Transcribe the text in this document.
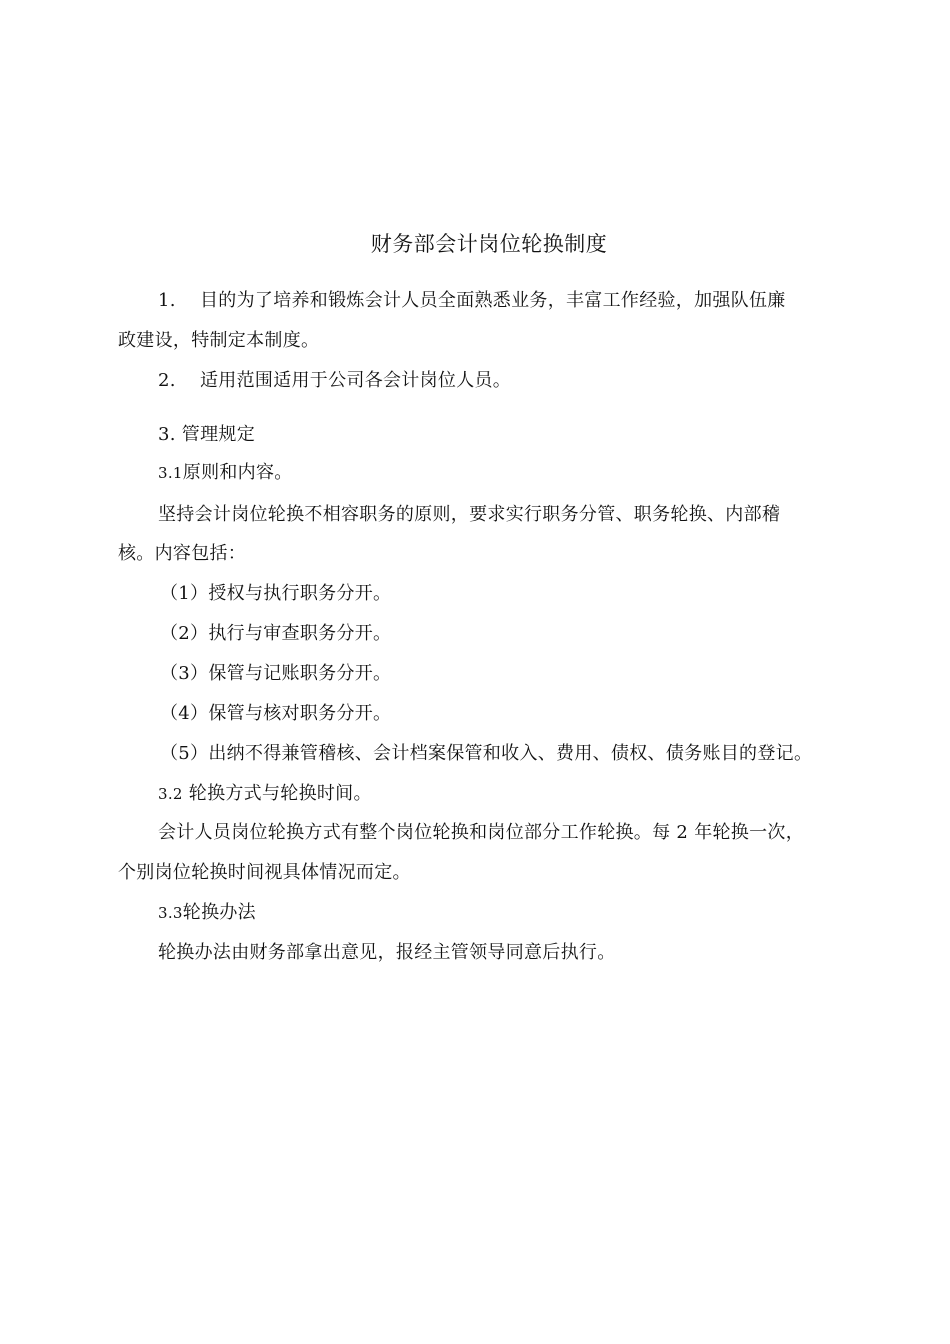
财务部会计岗位轮换制度
1. 目的为了培养和锻炼会计人员全面熟悉业务，丰富工作经验，加强队伍廉
政建设，特制定本制度。
2. 适用范围适用于公司各会计岗位人员。
3. 管理规定
3.1原则和内容。
坚持会计岗位轮换不相容职务的原则，要求实行职务分管、职务轮换、内部稽
核。内容包括：
（1）授权与执行职务分开。
（2）执行与审查职务分开。
（3）保管与记账职务分开。
（4）保管与核对职务分开。
（5）出纳不得兼管稽核、会计档案保管和收入、费用、债权、债务账目的登记。
3.2 轮换方式与轮换时间。
会计人员岗位轮换方式有整个岗位轮换和岗位部分工作轮换。每 2 年轮换一次，
个别岗位轮换时间视具体情况而定。
3.3轮换办法
轮换办法由财务部拿出意见，报经主管领导同意后执行。
